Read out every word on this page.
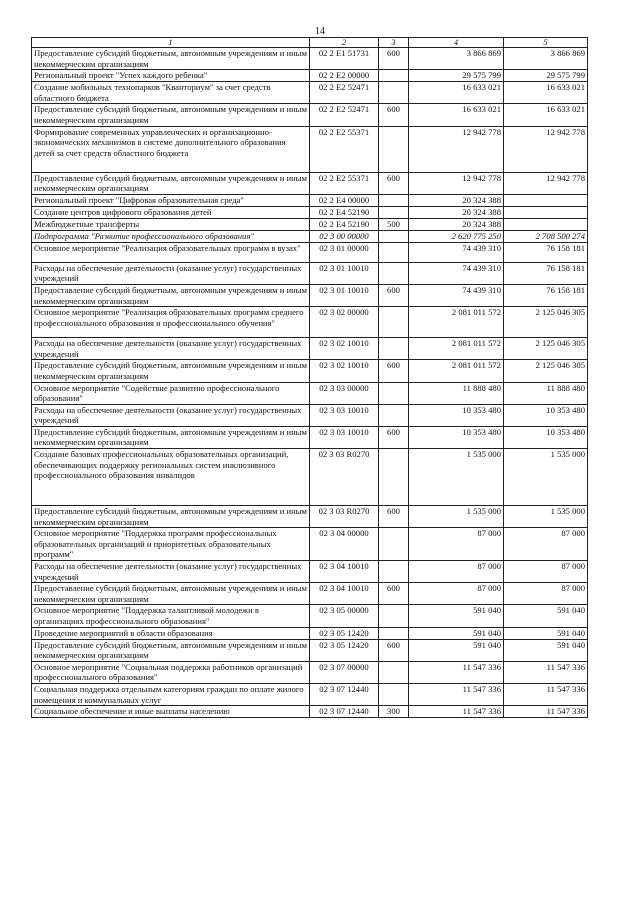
14
1	2	3	4	5
Предоставление субсидий бюджетным, автономным учреждениям и иным некоммерческим организациям	02 2 E1 51731	600	3 866 869	3 866 869
Региональный проект "Успех каждого ребенка"	02 2 E2 00000		29 575 799	29 575 799
Создание мобильных технопарков "Кванториум" за счет средств областного бюджета	02 2 E2 52471		16 633 021	16 633 021
Предоставление субсидий бюджетным, автономным учреждениям и иным некоммерческим организациям	02 2 E2 52471	600	16 633 021	16 633 021
Формирование современных управленческих и организационно-экономических механизмов в системе дополнительного образования детей за счет средств областного бюджета	02 2 E2 55371		12 942 778	12 942 778
Предоставление субсидий бюджетным, автономным учреждениям и иным некоммерческим организациям	02 2 E2 55371	600	12 942 778	12 942 778
Региональный проект "Цифровая образовательная среда"	02 2 E4 00000		20 324 388	
Создание центров цифрового образования детей	02 2 E4 52190		20 324 388	
Межбюджетные трансферты	02 2 E4 52190	500	20 324 388	
Подпрограмма "Развитие профессионального образования"	02 3 00 00000		2 620 775 250	2 708 500 274
Основное мероприятие "Реализация образовательных программ в вузах"	02 3 01 00000		74 439 310	76 158 181
Расходы на обеспечение деятельности (оказание услуг) государственных учреждений	02 3 01 10010		74 439 310	76 158 181
Предоставление субсидий бюджетным, автономным учреждениям и иным некоммерческим организациям	02 3 01 10010	600	74 439 310	76 158 181
Основное мероприятие "Реализация образовательных программ среднего профессионального образования и профессионального обучения"	02 3 02 00000		2 081 011 572	2 125 046 305
Расходы на обеспечение деятельности (оказание услуг) государственных учреждений	02 3 02 10010		2 081 011 572	2 125 046 305
Предоставление субсидий бюджетным, автономным учреждениям и иным некоммерческим организациям	02 3 02 10010	600	2 081 011 572	2 125 046 305
Основное мероприятие "Содействие развитию профессионального образования"	02 3 03 00000		11 888 480	11 888 480
Расходы на обеспечение деятельности (оказание услуг) государственных учреждений	02 3 03 10010		10 353 480	10 353 480
Предоставление субсидий бюджетным, автономным учреждениям и иным некоммерческим организациям	02 3 03 10010	600	10 353 480	10 353 480
Создание базовых профессиональных образовательных организаций, обеспечивающих поддержку региональных систем инклюзивного профессионального образования инвалидов	02 3 03 R0270		1 535 000	1 535 000
Предоставление субсидий бюджетным, автономным учреждениям и иным некоммерческим организациям	02 3 03 R0270	600	1 535 000	1 535 000
Основное мероприятие "Поддержка программ профессиональных образовательных организаций и приоритетных образовательных программ"	02 3 04 00000		87 000	87 000
Расходы на обеспечение деятельности (оказание услуг) государственных учреждений	02 3 04 10010		87 000	87 000
Предоставление субсидий бюджетным, автономным учреждениям и иным некоммерческим организациям	02 3 04 10010	600	87 000	87 000
Основное мероприятие "Поддержка талантливой молодежи в организациях профессионального образования"	02 3 05 00000		591 040	591 040
Проведение мероприятий в области образования	02 3 05 12420		591 040	591 040
Предоставление субсидий бюджетным, автономным учреждениям и иным некоммерческим организациям	02 3 05 12420	600	591 040	591 040
Основное мероприятие "Социальная поддержка работников организаций профессионального образования"	02 3 07 00000		11 547 336	11 547 336
Социальная поддержка отдельным категориям граждан по оплате жилого помещения и коммунальных услуг	02 3 07 12440		11 547 336	11 547 336
Социальное обеспечение и иные выплаты населению	02 3 07 12440	300	11 547 336	11 547 336
